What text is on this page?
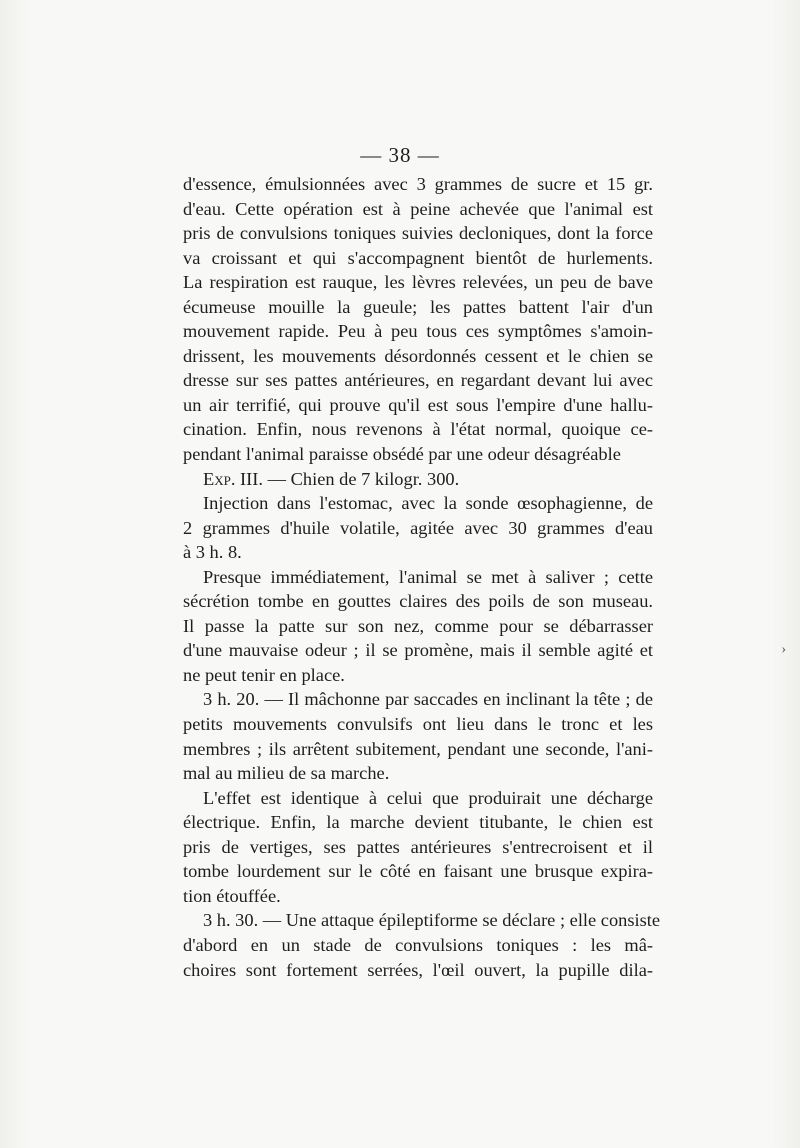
— 38 —
d'essence, émulsionnées avec 3 grammes de sucre et 15 gr.
d'eau. Cette opération est à peine achevée que l'animal est
pris de convulsions toniques suivies decloniques, dont la force
va croissant et qui s'accompagnent bientôt de hurlements.
La respiration est rauque, les lèvres relevées, un peu de bave
écumeuse mouille la gueule; les pattes battent l'air d'un
mouvement rapide. Peu à peu tous ces symptômes s'amoin-
drissent, les mouvements désordonnés cessent et le chien se
dresse sur ses pattes antérieures, en regardant devant lui avec
un air terrifié, qui prouve qu'il est sous l'empire d'une hallu-
cination. Enfin, nous revenons à l'état normal, quoique ce-
pendant l'animal paraisse obsédé par une odeur désagréable
Exp. III. — Chien de 7 kilogr. 300.
Injection dans l'estomac, avec la sonde œsophagienne, de
2 grammes d'huile volatile, agitée avec 30 grammes d'eau
à 3 h. 8.
Presque immédiatement, l'animal se met à saliver ; cette
sécrétion tombe en gouttes claires des poils de son museau.
Il passe la patte sur son nez, comme pour se débarrasser
d'une mauvaise odeur ; il se promène, mais il semble agité et
ne peut tenir en place.
3 h. 20. — Il mâchonne par saccades en inclinant la tête ; de
petits mouvements convulsifs ont lieu dans le tronc et les
membres ; ils arrêtent subitement, pendant une seconde, l'ani-
mal au milieu de sa marche.
L'effet est identique à celui que produirait une décharge
électrique. Enfin, la marche devient titubante, le chien est
pris de vertiges, ses pattes antérieures s'entrecroisent et il
tombe lourdement sur le côté en faisant une brusque expira-
tion étouffée.
3 h. 30. — Une attaque épileptiforme se déclare ; elle consiste
d'abord en un stade de convulsions toniques : les mâ-
choires sont fortement serrées, l'œil ouvert, la pupille dila-
›
